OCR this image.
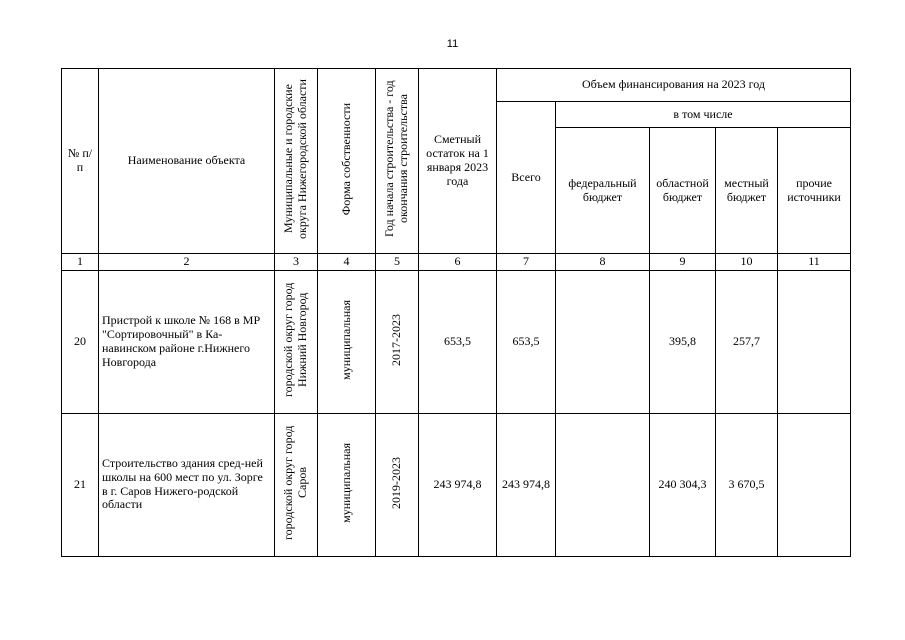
11
№ п/п	Наименование объекта	Муниципальные и городские округа Нижегородской области	Форма собственности	Год начала строительства - год окончания строительства	Сметный остаток на 1 января 2023 года	Объем финансирования на 2023 год				
						Всего	в том числе			
							федеральный бюджет	областной бюджет	местный бюджет	прочие источники
1	2	3	4	5	6	7	8	9	10	11
20	Пристрой к школе № 168 в МР "Сортировочный" в Ка-навинском районе г.Нижнего Новгорода	городской округ город Нижний Новгород	муниципальная	2017-2023	653,5	653,5		395,8	257,7	
21	Строительство здания сред-ней школы на 600 мест по ул. Зорге в г. Саров Нижего-родской области	городской округ город Саров	муниципальная	2019-2023	243 974,8	243 974,8		240 304,3	3 670,5	
